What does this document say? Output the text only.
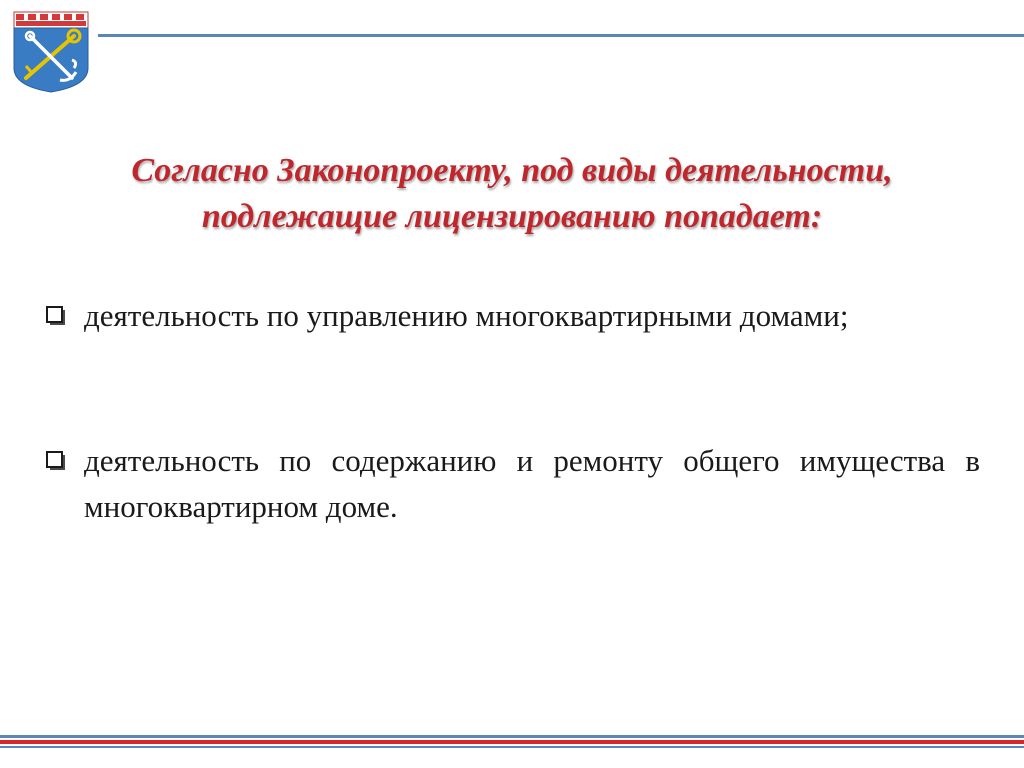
Согласно Законопроекту, под виды деятельности,
подлежащие лицензированию попадает:
деятельность по управлению многоквартирными домами;
деятельность по содержанию и ремонту общего имущества в многоквартирном доме.
